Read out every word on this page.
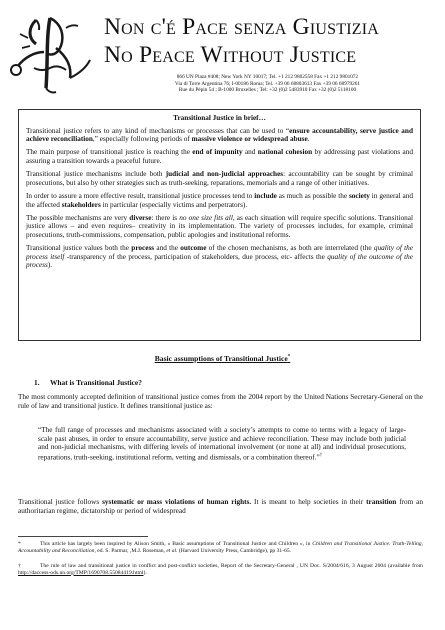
Non c'é Pace senza Giustizia
No Peace Without Justice
866 UN Plaza #408; New York NY 10017; Tel. +1 212 9802558 Fax +1 212 9801072
Via di Torre Argentina 76; I-00186 Roma; Tel. +39 06 68803613 Fax +39 06 68979261
Rue du Pépin 54 ; B-1000 Bruxelles ; Tel: +32 (0)2 5483910 Fax +32 (0)2 5118100
Transitional Justice in brief…

Transitional justice refers to any kind of mechanisms or processes that can be used to “ensure accountability, serve justice and achieve reconciliation,” especially following periods of massive violence or widespread abuse.

The main purpose of transitional justice is reaching the end of impunity and national cohesion by addressing past violations and assuring a transition towards a peaceful future.

Transitional justice mechanisms include both judicial and non-judicial approaches: accountability can be sought by criminal prosecutions, but also by other strategies such as truth-seeking, reparations, memorials and a range of other initiatives.

In order to assure a more effective result, transitional justice processes tend to include as much as possible the society in general and the affected stakeholders in particular (especially victims and perpetrators).

The possible mechanisms are very diverse: there is no one size fits all, as each situation will require specific solutions. Transitional justice allows – and even requires– creativity in its implementation. The variety of processes includes, for example, criminal prosecutions, truth-commissions, compensation, public apologies and institutional reforms.

Transitional justice values both the process and the outcome of the chosen mechanisms, as both are interrelated (the quality of the process itself -transparency of the process, participation of stakeholders, due process, etc- affects the quality of the outcome of the process).

Basic assumptions of Transitional Justice*
1. What is Transitional Justice?
The most commonly accepted definition of transitional justice comes from the 2004 report by the United Nations Secretary-General on the rule of law and transitional justice. It defines transitional justice as:
“The full range of processes and mechanisms associated with a society’s attempts to come to terms with a legacy of large-scale past abuses, in order to ensure accountability, serve justice and achieve reconciliation. These may include both judicial and non-judicial mechanisms, with differing levels of international involvement (or none at all) and individual prosecutions, reparations, truth-seeking, institutional reform, vetting and dismissals, or a combination thereof.”†
Transitional justice follows systematic or mass violations of human rights. It is meant to help societies in their transition from an authoritarian regime, dictatorship or period of widespread
*	This article has largely been inspired by Alison Smith, « Basic assumptions of Transitional Justice and Children », in Children and Transitional Justice. Truth-Telling, Accountability and Reconciliation, ed. S. Parmar, ,M.J. Roseman, et al. (Harvard University Press, Cambridge), pp 31-65.
†	The rule of law and transitional justice in conflict and post-conflict societies, Report of the Secretary-General , UN Doc. S/2004/616, 3 August 2004 (available from http://daccess-ods.un.org/TMP/1690708.55084419.html).
